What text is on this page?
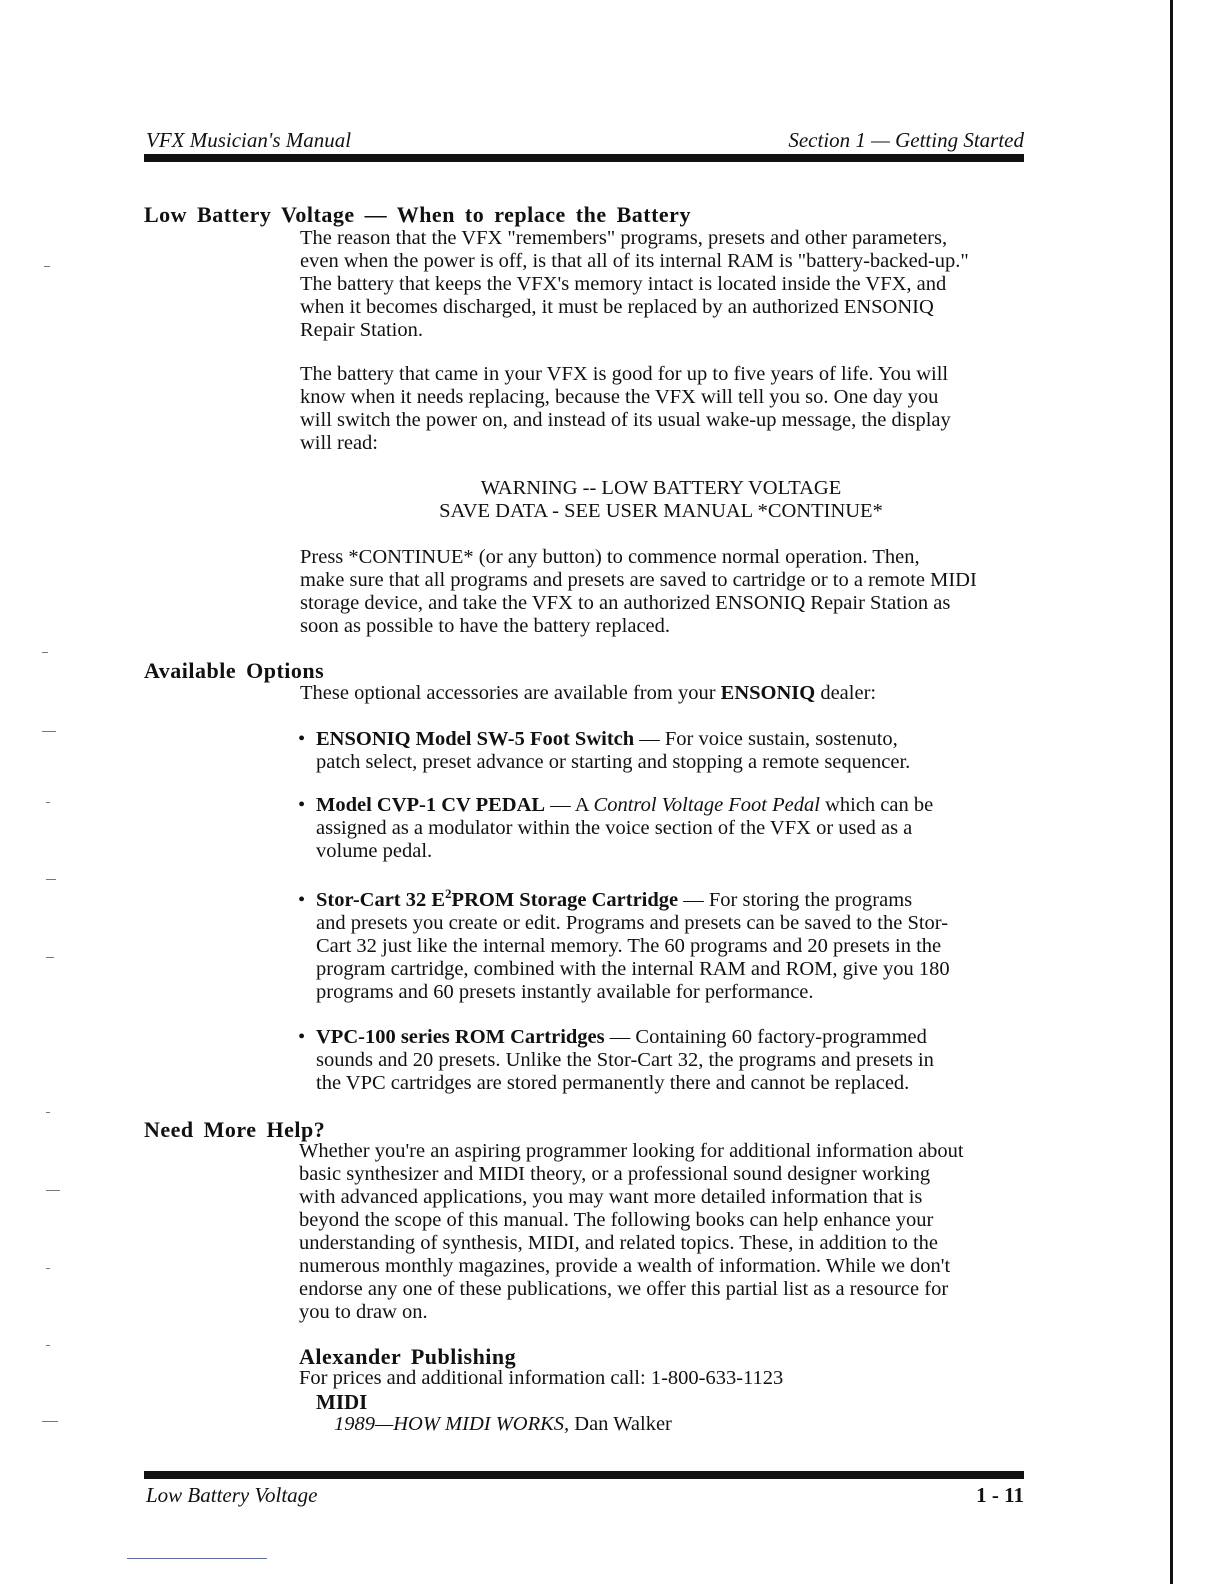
VFX Musician's Manual	Section 1 — Getting Started
Low Battery Voltage — When to replace the Battery

The reason that the VFX "remembers" programs, presets and other parameters,

even when the power is off, is that all of its internal RAM is "battery-backed-up."

The battery that keeps the VFX's memory intact is located inside the VFX, and

when it becomes discharged, it must be replaced by an authorized ENSONIQ

Repair Station.

The battery that came in your VFX is good for up to five years of life. You will

know when it needs replacing, because the VFX will tell you so. One day you

will switch the power on, and instead of its usual wake-up message, the display

will read:

WARNING -- LOW BATTERY VOLTAGE

SAVE DATA - SEE USER MANUAL *CONTINUE*

Press *CONTINUE* (or any button) to commence normal operation. Then,

make sure that all programs and presets are saved to cartridge or to a remote MIDI

storage device, and take the VFX to an authorized ENSONIQ Repair Station as

soon as possible to have the battery replaced.

Available Options
These optional accessories are available from your ENSONIQ dealer:
• ENSONIQ Model SW-5 Foot Switch — For voice sustain, sostenuto,
patch select, preset advance or starting and stopping a remote sequencer.
• Model CVP-1 CV PEDAL — A Control Voltage Foot Pedal which can be
assigned as a modulator within the voice section of the VFX or used as a
volume pedal.
• Stor-Cart 32 $E^2PROM$ Storage Cartridge — For storing the programs
and presets you create or edit. Programs and presets can be saved to the Stor-
Cart 32 just like the internal memory. The 60 programs and 20 presets in the
program cartridge, combined with the internal RAM and ROM, give you 180
programs and 60 presets instantly available for performance.
• VPC-100 series ROM Cartridges — Containing 60 factory-programmed
sounds and 20 presets. Unlike the Stor-Cart 32, the programs and presets in
the VPC cartridges are stored permanently there and cannot be replaced.
Need More Help?

Whether you're an aspiring programmer looking for additional information about

basic synthesizer and MIDI theory, or a professional sound designer working

with advanced applications, you may want more detailed information that is

beyond the scope of this manual. The following books can help enhance your

understanding of synthesis, MIDI, and related topics. These, in addition to the

numerous monthly magazines, provide a wealth of information. While we don't

endorse any one of these publications, we offer this partial list as a resource for

you to draw on.

Alexander Publishing
For prices and additional information call: 1-800-633-1123
MIDI
1989—HOW MIDI WORKS, Dan Walker
Low Battery Voltage	1 - 11
